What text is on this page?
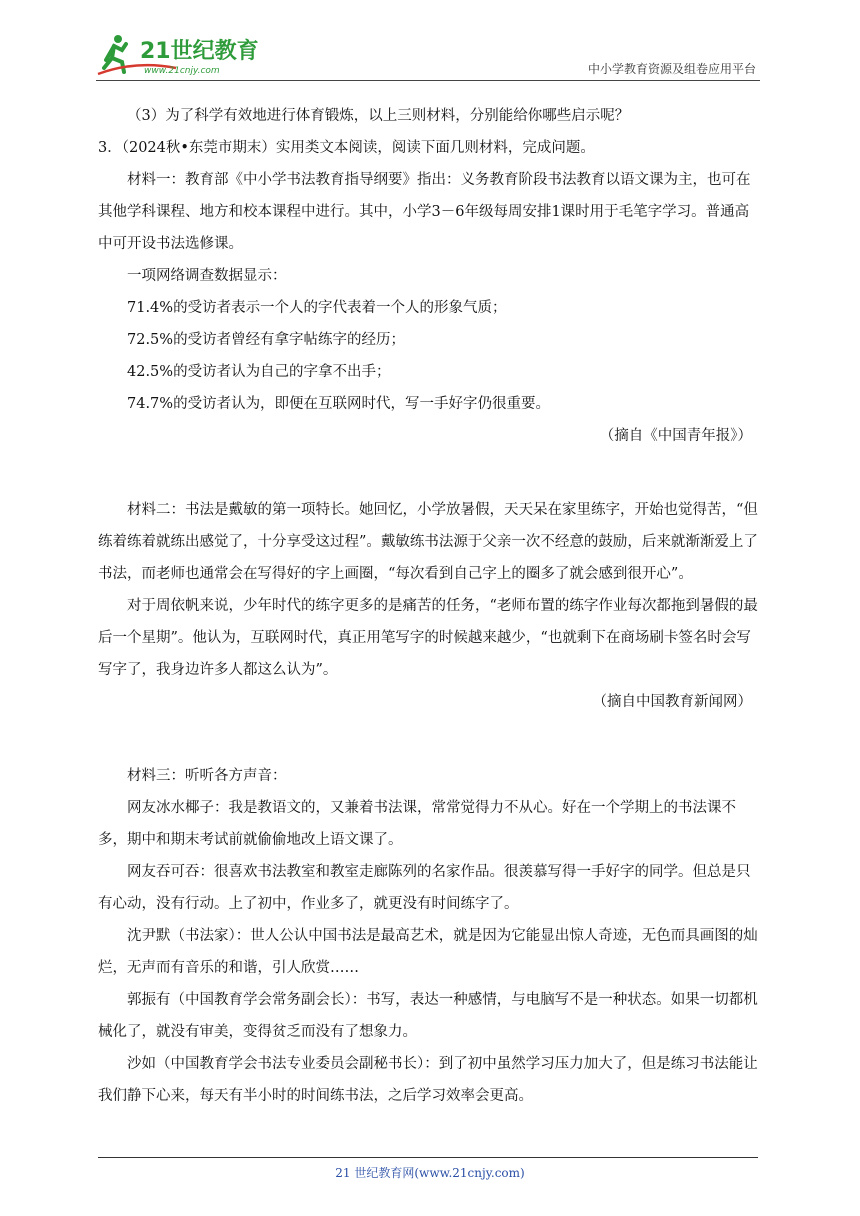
21世纪教育
www.21cnjy.com	中小学教育资源及组卷应用平台

（3）为了科学有效地进行体育锻炼，以上三则材料，分别能给你哪些启示呢？

3．（2024秋•东莞市期末）实用类文本阅读，阅读下面几则材料，完成问题。

材料一：教育部《中小学书法教育指导纲要》指出：义务教育阶段书法教育以语文课为主，也可在其他学科课程、地方和校本课程中进行。其中，小学3－6年级每周安排1课时用于毛笔字学习。普通高中可开设书法选修课。

一项网络调查数据显示：

71.4%的受访者表示一个人的字代表着一个人的形象气质；

72.5%的受访者曾经有拿字帖练字的经历；

42.5%的受访者认为自己的字拿不出手；

74.7%的受访者认为，即便在互联网时代，写一手好字仍很重要。

（摘自《中国青年报》）

材料二：书法是戴敏的第一项特长。她回忆，小学放暑假，天天呆在家里练字，开始也觉得苦，“但练着练着就练出感觉了，十分享受这过程”。戴敏练书法源于父亲一次不经意的鼓励，后来就渐渐爱上了书法，而老师也通常会在写得好的字上画圈，“每次看到自己字上的圈多了就会感到很开心”。

对于周依帆来说，少年时代的练字更多的是痛苦的任务，“老师布置的练字作业每次都拖到暑假的最后一个星期”。他认为，互联网时代，真正用笔写字的时候越来越少，“也就剩下在商场刷卡签名时会写写字了，我身边许多人都这么认为”。

（摘自中国教育新闻网）

材料三：听听各方声音：

网友冰水椰子：我是教语文的，又兼着书法课，常常觉得力不从心。好在一个学期上的书法课不多，期中和期末考试前就偷偷地改上语文课了。

网友吞可吞：很喜欢书法教室和教室走廊陈列的名家作品。很羡慕写得一手好字的同学。但总是只有心动，没有行动。上了初中，作业多了，就更没有时间练字了。

沈尹默（书法家）：世人公认中国书法是最高艺术，就是因为它能显出惊人奇迹，无色而具画图的灿烂，无声而有音乐的和谐，引人欣赏……

郭振有（中国教育学会常务副会长）：书写，表达一种感情，与电脑写不是一种状态。如果一切都机械化了，就没有审美，变得贫乏而没有了想象力。

沙如（中国教育学会书法专业委员会副秘书长）：到了初中虽然学习压力加大了，但是练习书法能让我们静下心来，每天有半小时的时间练书法，之后学习效率会更高。

21 世纪教育网(www.21cnjy.com)
